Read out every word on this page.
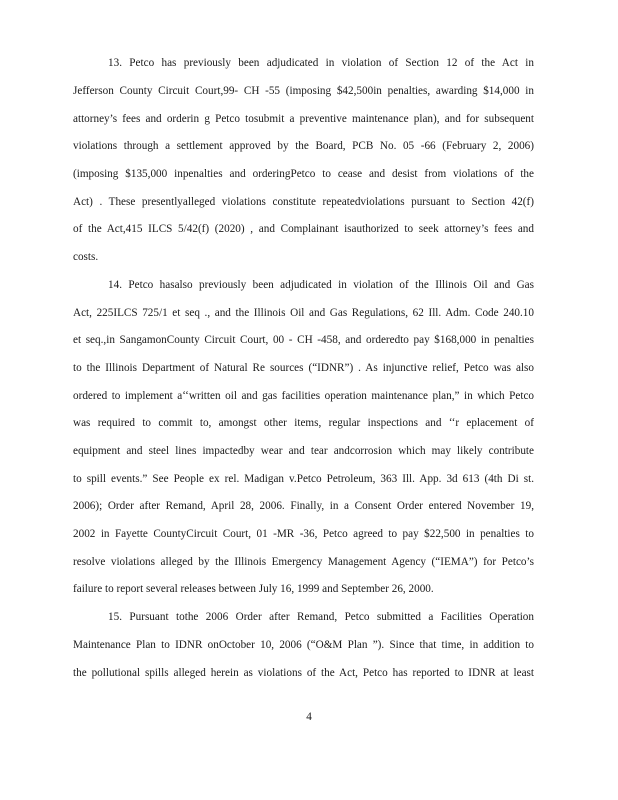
13. Petco has previously been adjudicated in violation of Section 12 of the Act in
Jefferson County Circuit Court,99- CH -55 (imposing $42,500in penalties, awarding $14,000 in
attorney’s fees and orderin g Petco tosubmit a preventive maintenance plan), and for subsequent
violations through a settlement approved by the Board, PCB No. 05 -66 (February 2, 2006)
(imposing $135,000 inpenalties and orderingPetco to cease and desist from violations of the
Act) . These presentlyalleged violations constitute repeatedviolations pursuant to Section 42(f)
of the Act,415 ILCS 5/42(f) (2020) , and Complainant isauthorized to seek attorney’s fees and
costs.
14. Petco hasalso previously been adjudicated in violation of the Illinois Oil and Gas
Act, 225ILCS 725/1 et seq ., and the Illinois Oil and Gas Regulations, 62 Ill. Adm. Code 240.10
et seq.,in SangamonCounty Circuit Court, 00 - CH -458, and orderedto pay $168,000 in penalties
to the Illinois Department of Natural Re sources (“IDNR”) . As injunctive relief, Petco was also
ordered to implement a‘‘written oil and gas facilities operation maintenance plan,” in which Petco
was required to commit to, amongst other items, regular inspections and ‘‘r eplacement of
equipment and steel lines impactedby wear and tear andcorrosion which may likely contribute
to spill events.” See People ex rel. Madigan v.Petco Petroleum, 363 Ill. App. 3d 613 (4th Di st.
2006); Order after Remand, April 28, 2006. Finally, in a Consent Order entered November 19,
2002 in Fayette CountyCircuit Court, 01 -MR -36, Petco agreed to pay $22,500 in penalties to
resolve violations alleged by the Illinois Emergency Management Agency (“IEMA”) for Petco’s
failure to report several releases between July 16, 1999 and September 26, 2000.
15. Pursuant tothe 2006 Order after Remand, Petco submitted a Facilities Operation
Maintenance Plan to IDNR onOctober 10, 2006 (“O&M Plan ”). Since that time, in addition to
the pollutional spills alleged herein as violations of the Act, Petco has reported to IDNR at least
4
